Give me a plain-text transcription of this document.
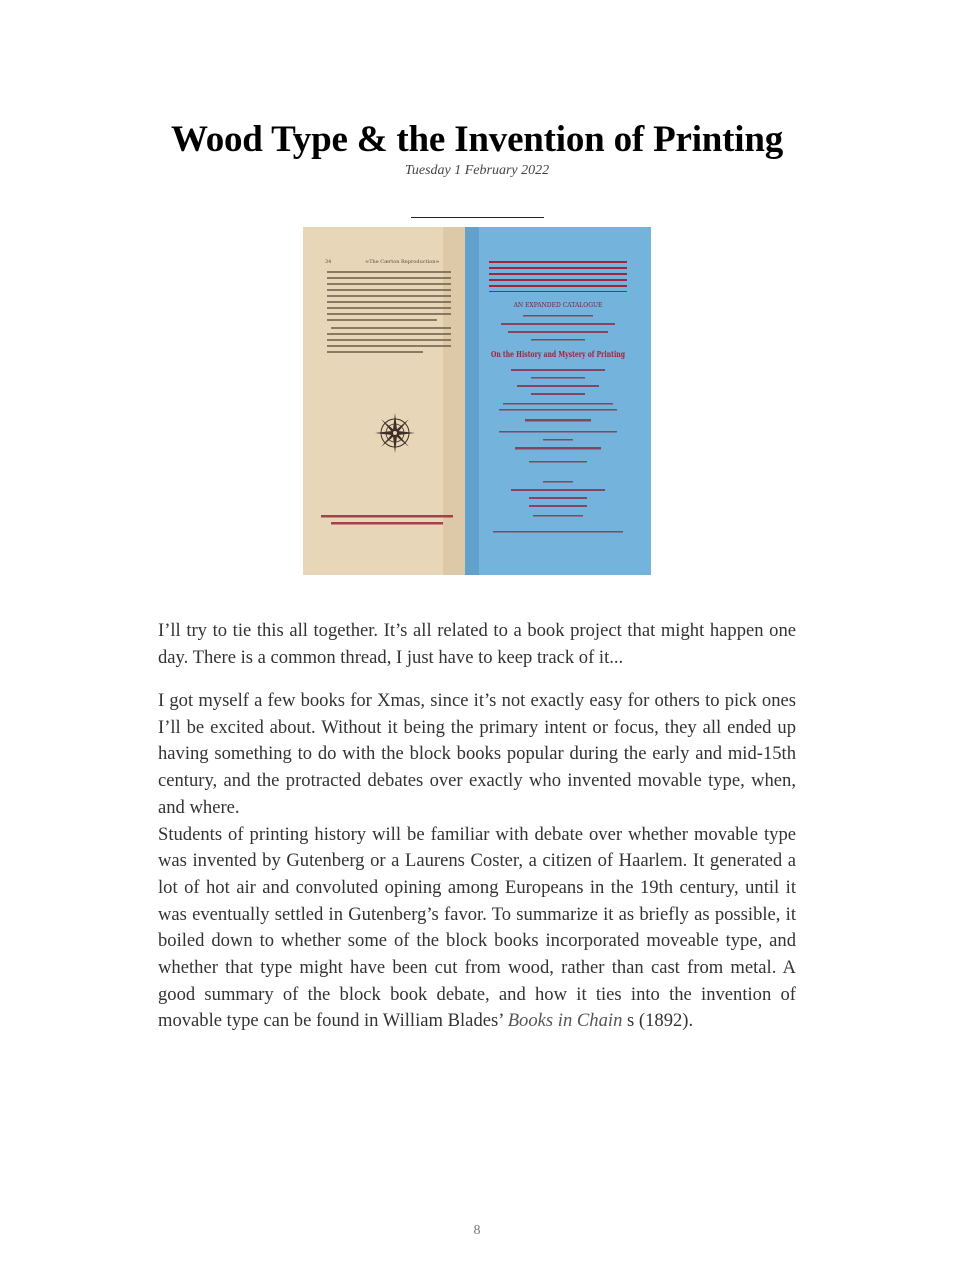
Wood Type & the Invention of Printing
Tuesday 1 February 2022
34	≈The Cærton Reproduction≈
AN EXPANDED CATALOGUE
On the History and Mystery of Printing

I’ll try to tie this all together. It’s all related to a book project that might happen one day. There is a common thread, I just have to keep track of it...

I got myself a few books for Xmas, since it’s not exactly easy for others to pick ones I’ll be excited about. Without it being the primary intent or focus, they all ended up having something to do with the block books popular during the early and mid-15th century, and the protracted debates over exactly who invented movable type, when, and where.
Students of printing history will be familiar with debate over whether movable type was invented by Gutenberg or a Laurens Coster, a citizen of Haarlem. It generated a lot of hot air and convoluted opining among Europeans in the 19th century, until it was eventually settled in Gutenberg’s favor. To summarize it as briefly as possible, it boiled down to whether some of the block books incorporated moveable type, and whether that type might have been cut from wood, rather than cast from metal. A good summary of the block book debate, and how it ties into the invention of movable type can be found in William Blades’ Books in Chain s (1892).

8
